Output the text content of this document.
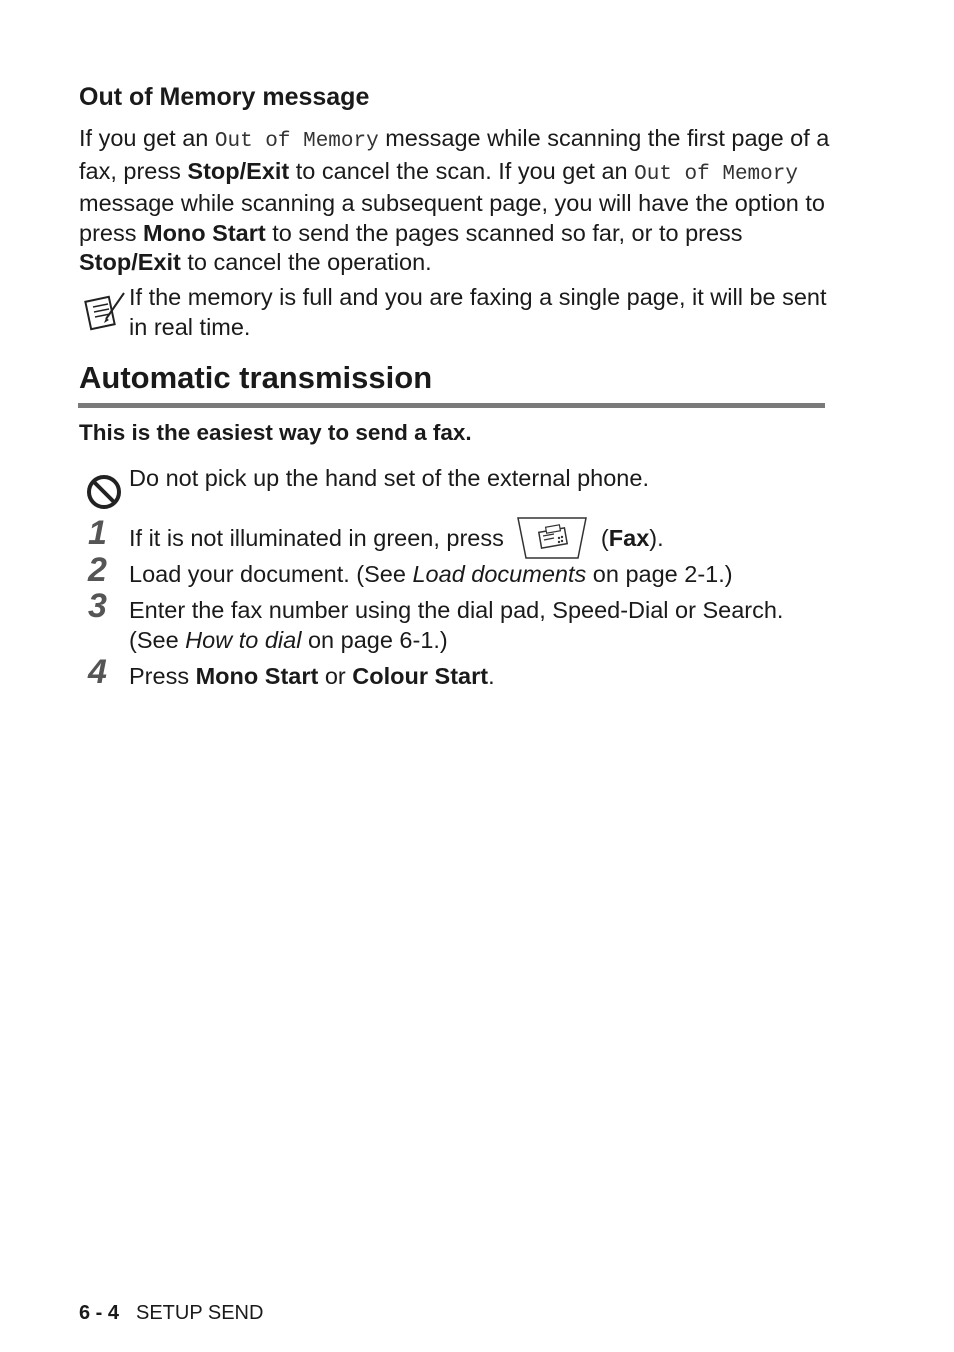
Out of Memory message

If you get an Out of Memory message while scanning the first page of a fax, press Stop/Exit to cancel the scan. If you get an Out of Memory message while scanning a subsequent page, you will have the option to press Mono Start to send the pages scanned so far, or to press Stop/Exit to cancel the operation.

If the memory is full and you are faxing a single page, it will be sent in real time.

Automatic transmission

This is the easiest way to send a fax.

Do not pick up the hand set of the external phone.

1 If it is not illuminated in green, press	(Fax).

2 Load your document. (See Load documents on page 2-1.)

3 Enter the fax number using the dial pad, Speed-Dial or Search. (See How to dial on page 6-1.)

4 Press Mono Start or Colour Start.

6 - 4 SETUP SEND
